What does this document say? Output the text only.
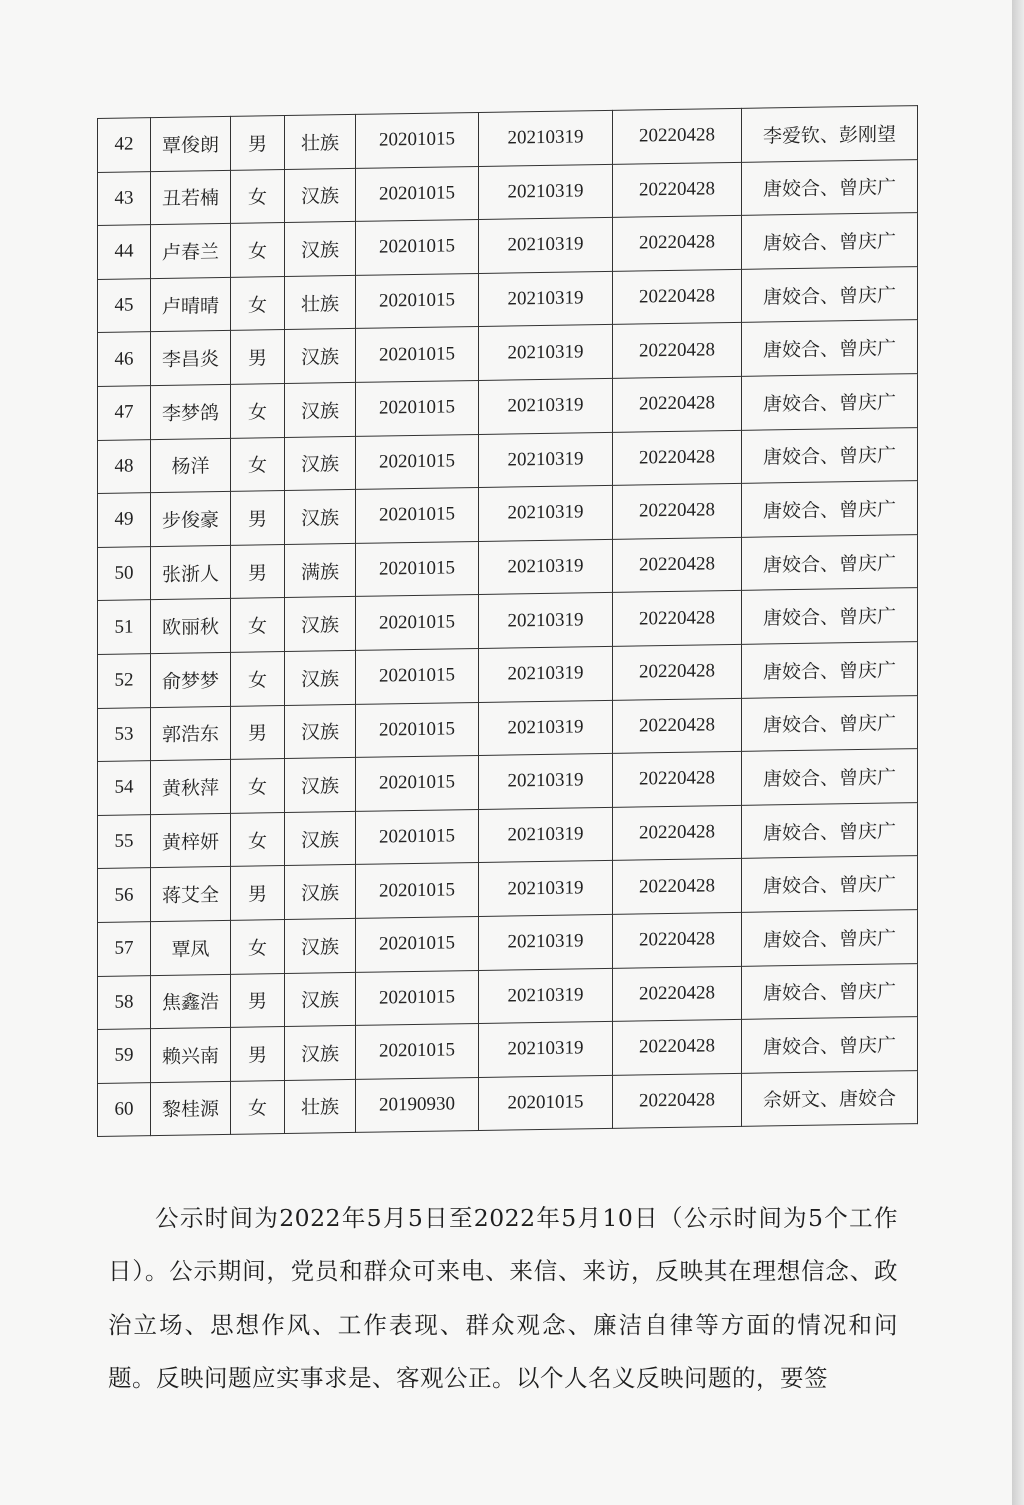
42	覃俊朗	男	壮族	20201015	20210319	20220428	李爱钦、彭刚望
43	丑若楠	女	汉族	20201015	20210319	20220428	唐姣合、曾庆广
44	卢春兰	女	汉族	20201015	20210319	20220428	唐姣合、曾庆广
45	卢晴晴	女	壮族	20201015	20210319	20220428	唐姣合、曾庆广
46	李昌炎	男	汉族	20201015	20210319	20220428	唐姣合、曾庆广
47	李梦鸽	女	汉族	20201015	20210319	20220428	唐姣合、曾庆广
48	杨洋	女	汉族	20201015	20210319	20220428	唐姣合、曾庆广
49	步俊豪	男	汉族	20201015	20210319	20220428	唐姣合、曾庆广
50	张浙人	男	满族	20201015	20210319	20220428	唐姣合、曾庆广
51	欧丽秋	女	汉族	20201015	20210319	20220428	唐姣合、曾庆广
52	俞梦梦	女	汉族	20201015	20210319	20220428	唐姣合、曾庆广
53	郭浩东	男	汉族	20201015	20210319	20220428	唐姣合、曾庆广
54	黄秋萍	女	汉族	20201015	20210319	20220428	唐姣合、曾庆广
55	黄梓妍	女	汉族	20201015	20210319	20220428	唐姣合、曾庆广
56	蒋艾全	男	汉族	20201015	20210319	20220428	唐姣合、曾庆广
57	覃凤	女	汉族	20201015	20210319	20220428	唐姣合、曾庆广
58	焦鑫浩	男	汉族	20201015	20210319	20220428	唐姣合、曾庆广
59	赖兴南	男	汉族	20201015	20210319	20220428	唐姣合、曾庆广
60	黎桂源	女	壮族	20190930	20201015	20220428	佘妍文、唐姣合

公示时间为2022年5月5日至2022年5月10日（公示时间为5个工作日）。公示期间，党员和群众可来电、来信、来访，反映其在理想信念、政治立场、思想作风、工作表现、群众观念、廉洁自律等方面的情况和问题。反映问题应实事求是、客观公正。以个人名义反映问题的，要签
